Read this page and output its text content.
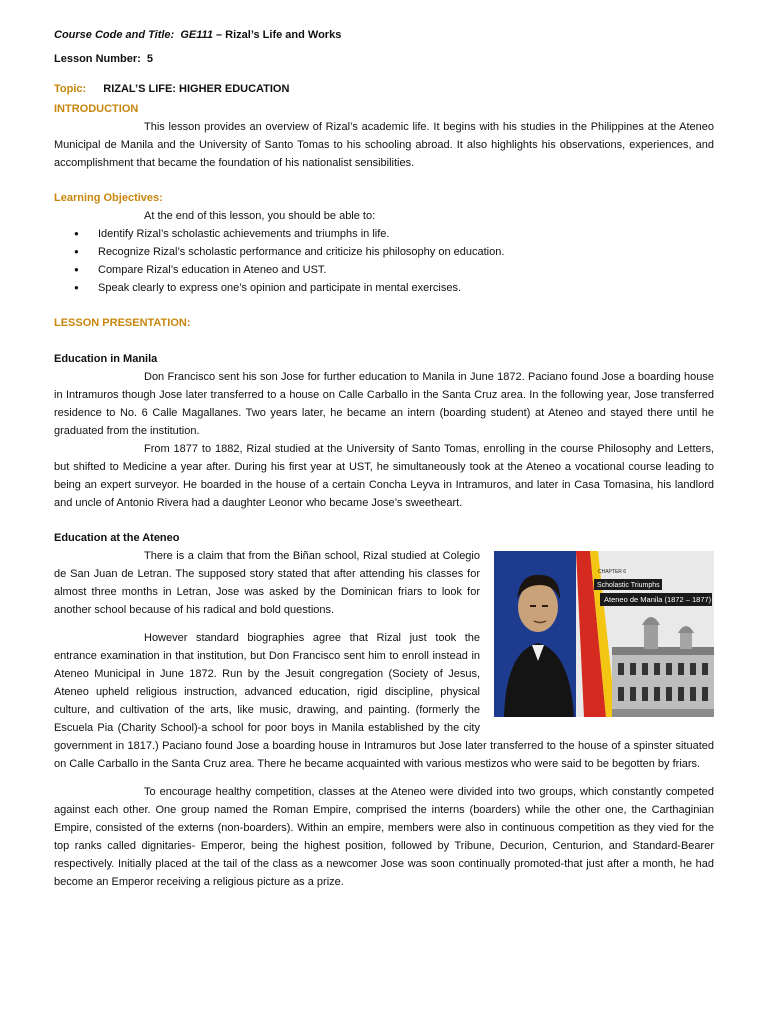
Course Code and Title: GE111 – Rizal’s Life and Works
Lesson Number: 5
Topic: RIZAL’S LIFE: HIGHER EDUCATION
INTRODUCTION

This lesson provides an overview of Rizal’s academic life. It begins with his studies in the Philippines at the Ateneo Municipal de Manila and the University of Santo Tomas to his schooling abroad. It also highlights his observations, experiences, and accomplishment that became the foundation of his nationalist sensibilities.

Learning Objectives:

At the end of this lesson, you should be able to:

● Identify Rizal’s scholastic achievements and triumphs in life.
● Recognize Rizal’s scholastic performance and criticize his philosophy on education.
● Compare Rizal’s education in Ateneo and UST.
● Speak clearly to express one’s opinion and participate in mental exercises.
LESSON PRESENTATION:
Education in Manila

Don Francisco sent his son Jose for further education to Manila in June 1872. Paciano found Jose a boarding house in Intramuros though Jose later transferred to a house on Calle Carballo in the Santa Cruz area. In the following year, Jose transferred residence to No. 6 Calle Magallanes. Two years later, he became an intern (boarding student) at Ateneo and stayed there until he graduated from the institution.

From 1877 to 1882, Rizal studied at the University of Santo Tomas, enrolling in the course Philosophy and Letters, but shifted to Medicine a year after. During his first year at UST, he simultaneously took at the Ateneo a vocational course leading to being an expert surveyor. He boarded in the house of a certain Concha Leyva in Intramuros, and later in Casa Tomasina, his landlord and uncle of Antonio Rivera had a daughter Leonor who became Jose’s sweetheart.

Education at the Ateneo
CHAPTER 6
Scholastic Triumphs
Ateneo de Manila (1872 – 1877)

There is a claim that from the Biñan school, Rizal studied at Colegio de San Juan de Letran. The supposed story stated that after attending his classes for almost three months in Letran, Jose was asked by the Dominican friars to look for another school because of his radical and bold questions.

However standard biographies agree that Rizal just took the entrance examination in that institution, but Don Francisco sent him to enroll instead in Ateneo Municipal in June 1872. Run by the Jesuit congregation (Society of Jesus, Ateneo upheld religious instruction, advanced education, rigid discipline, physical culture, and cultivation of the arts, like music, drawing, and painting. (formerly the Escuela Pia (Charity School)-a school for poor boys in Manila established by the city government in 1817.) Paciano found Jose a boarding house in Intramuros but Jose later transferred to the house of a spinster situated on Calle Carballo in the Santa Cruz area. There he became acquainted with various mestizos who were said to be begotten by friars.

To encourage healthy competition, classes at the Ateneo were divided into two groups, which constantly competed against each other. One group named the Roman Empire, comprised the interns (boarders) while the other one, the Carthaginian Empire, consisted of the externs (non-boarders). Within an empire, members were also in continuous competition as they vied for the top ranks called dignitaries- Emperor, being the highest position, followed by Tribune, Decurion, Centurion, and Standard-Bearer respectively. Initially placed at the tail of the class as a newcomer Jose was soon continually promoted-that just after a month, he had become an Emperor receiving a religious picture as a prize.
